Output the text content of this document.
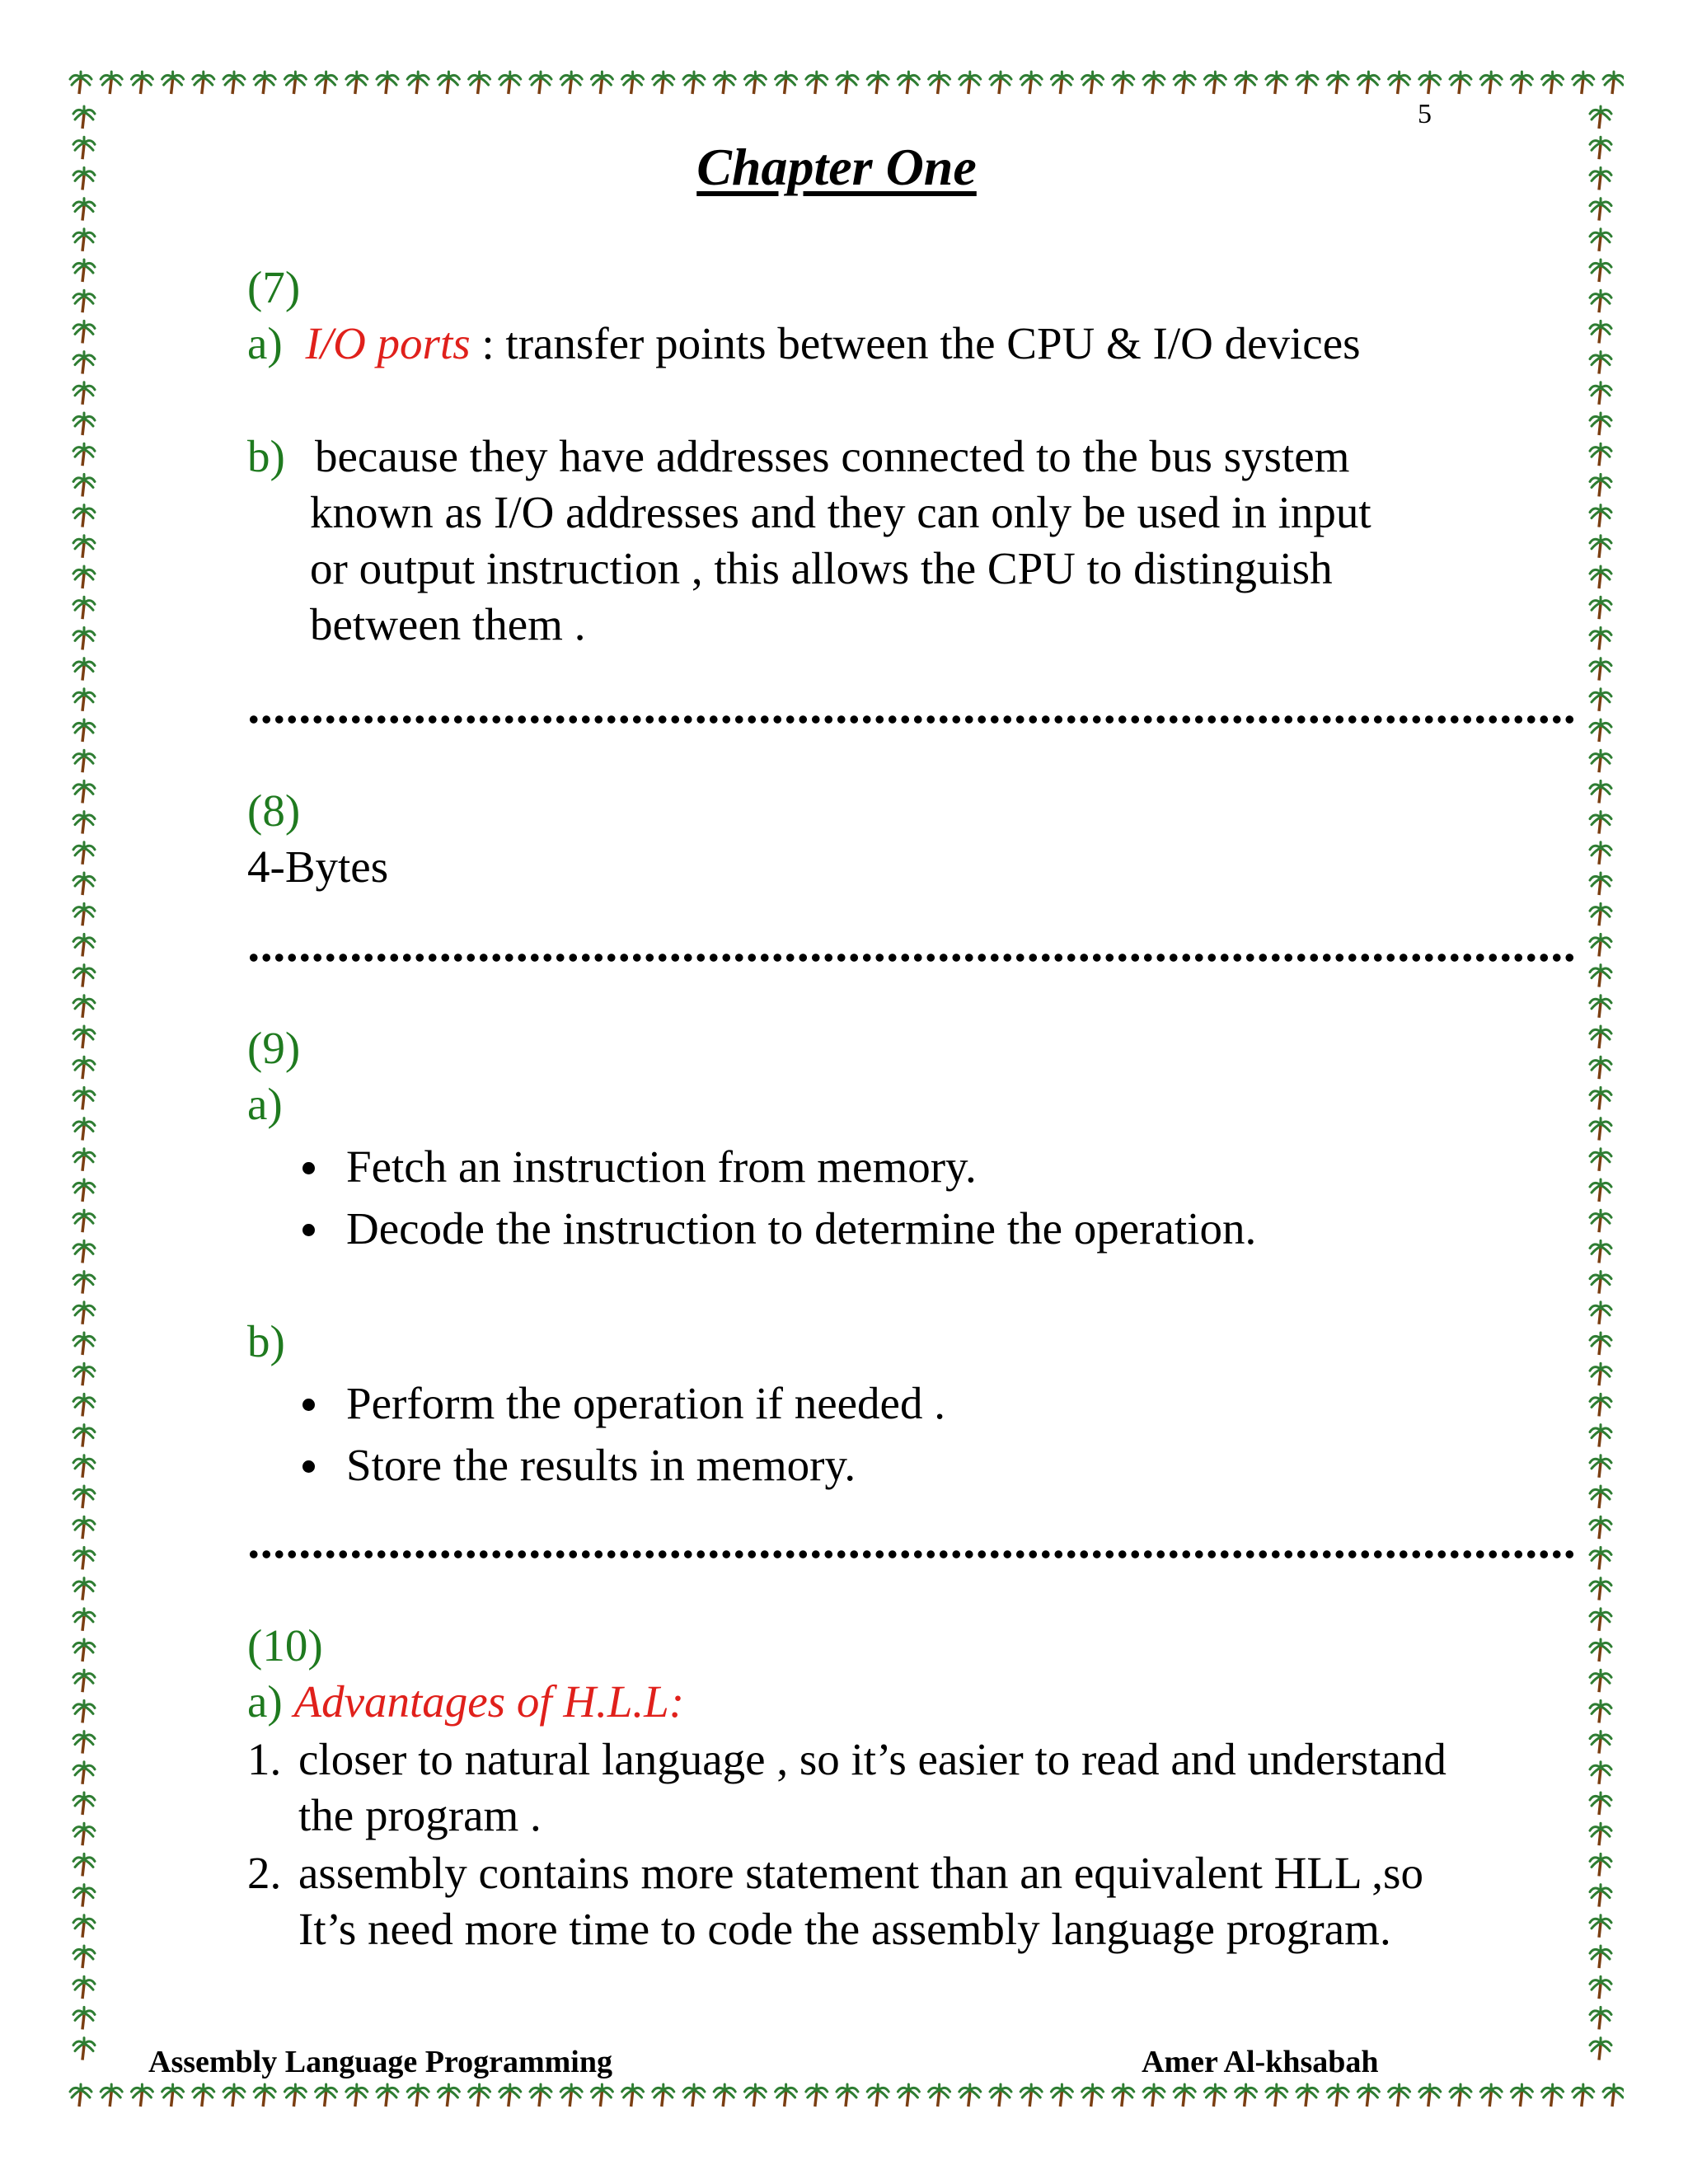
5
Chapter One
(7)
a) I/O ports : transfer points between the CPU & I/O devices
b) because they have addresses connected to the bus system
known as I/O addresses and they can only be used in input
or output instruction , this allows the CPU to distinguish
between them .
(8)
4-Bytes
(9)
a)
Fetch an instruction from memory.
Decode the instruction to determine the operation.
b)
Perform the operation if needed .
Store the results in memory.
(10)
a) Advantages of H.L.L:
1. closer to natural language , so it’s easier to read and understand
the program .
2. assembly contains more statement than an equivalent HLL ,so
It’s need more time to code the assembly language program.
Assembly Language Programming	Amer Al-khsabah
